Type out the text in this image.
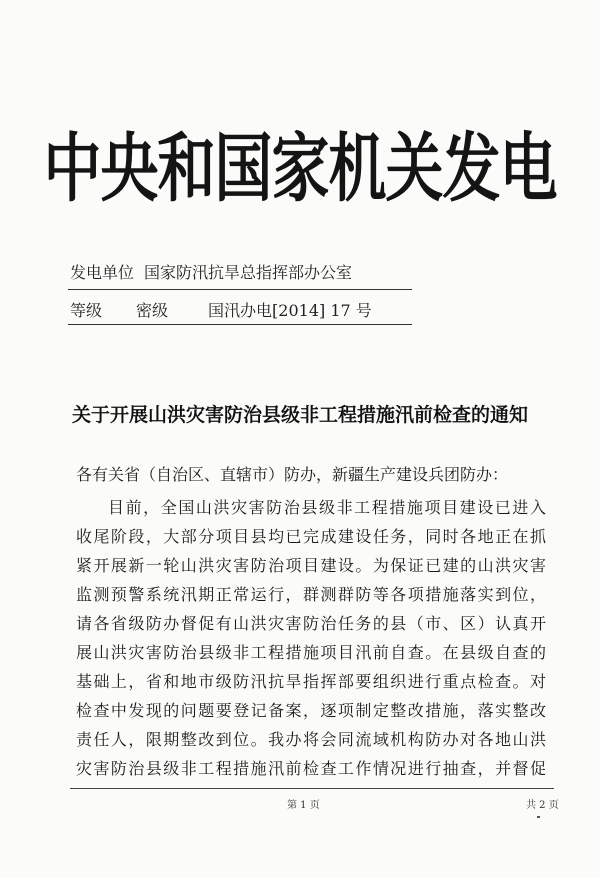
中央和国家机关发电
发电单位 国家防汛抗旱总指挥部办公室
等级 密级	国汛办电[2014] 17 号
关于开展山洪灾害防治县级非工程措施汛前检查的通知
各有关省（自治区、直辖市）防办，新疆生产建设兵团防办：
目前，全国山洪灾害防治县级非工程措施项目建设已进入
收尾阶段，大部分项目县均已完成建设任务，同时各地正在抓
紧开展新一轮山洪灾害防治项目建设。为保证已建的山洪灾害
监测预警系统汛期正常运行，群测群防等各项措施落实到位，
请各省级防办督促有山洪灾害防治任务的县（市、区）认真开
展山洪灾害防治县级非工程措施项目汛前自查。在县级自查的
基础上，省和地市级防汛抗旱指挥部要组织进行重点检查。对
检查中发现的问题要登记备案，逐项制定整改措施，落实整改
责任人，限期整改到位。我办将会同流域机构防办对各地山洪
灾害防治县级非工程措施汛前检查工作情况进行抽查，并督促
第 1 页	共 2 页
